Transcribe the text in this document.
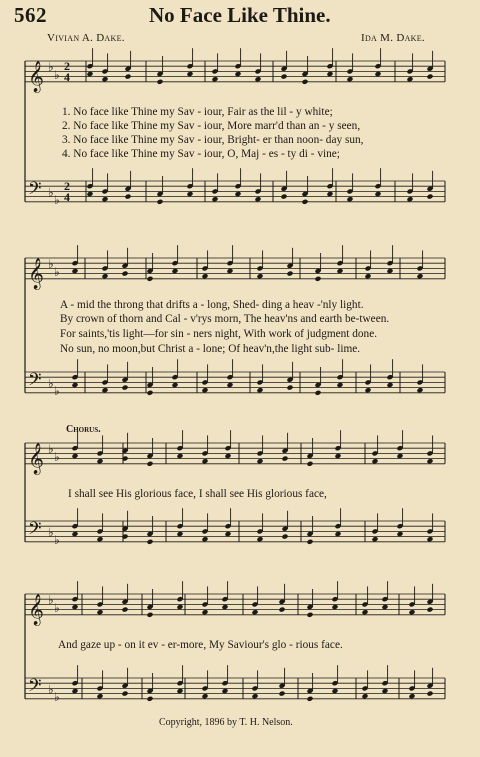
562	No Face Like Thine.
Vivian A. Dake.	Ida M. Dake.
𝄞
𝄢
♭
♭
♭
♭
2
4
2
4
𝄞
𝄢
♭
♭
♭
♭
𝄞
𝄢
♭
♭
♭
♭
𝄞
𝄢
♭
♭
♭
♭
1. No face like Thine my Sav - iour, Fair as the lil - y white;
2. No face like Thine my Sav - iour, More marr'd than an - y seen,
3. No face like Thine my Sav - iour, Bright- er than noon- day sun,
4. No face like Thine my Sav - iour, O, Maj - es - ty di - vine;
A - mid the throng that drifts a - long, Shed- ding a heav -'nly light.
By crown of thorn and Cal - v'rys morn, The heav'ns and earth be-tween.
For saints,'tis light—for sin - ners night, With work of judgment done.
No sun, no moon,but Christ a - lone; Of heav'n,the light sub- lime.
Chorus.
I shall see His glorious face, I shall see His glorious face,
And gaze up - on it ev - er-more, My Saviour's glo - rious face.
Copyright, 1896 by T. H. Nelson.
